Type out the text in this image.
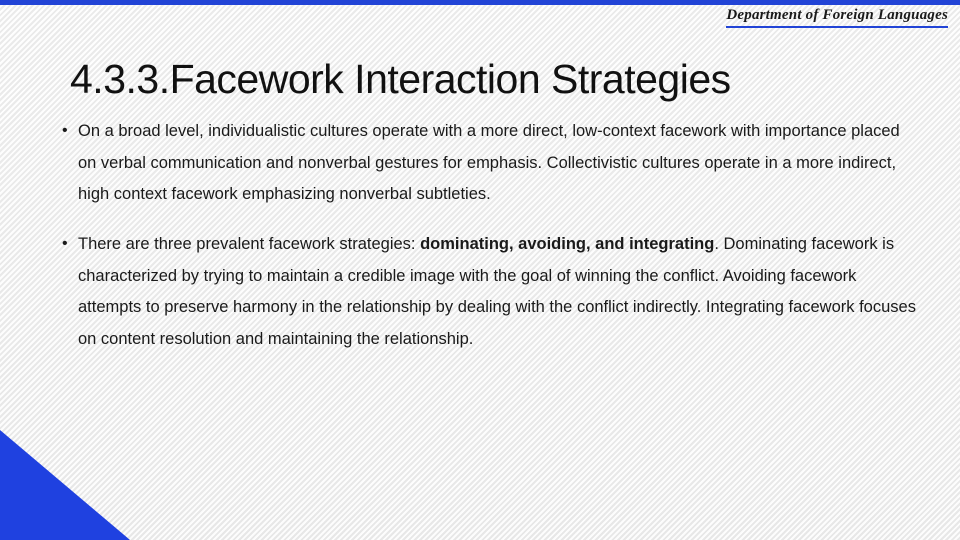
Department of Foreign Languages
4.3.3.Facework Interaction Strategies
• On a broad level, individualistic cultures operate with a more direct, low-context facework with importance placed on verbal communication and nonverbal gestures for emphasis. Collectivistic cultures operate in a more indirect, high context facework emphasizing nonverbal subtleties.
• There are three prevalent facework strategies: dominating, avoiding, and integrating. Dominating facework is characterized by trying to maintain a credible image with the goal of winning the conflict. Avoiding facework attempts to preserve harmony in the relationship by dealing with the conflict indirectly. Integrating facework focuses on content resolution and maintaining the relationship.
